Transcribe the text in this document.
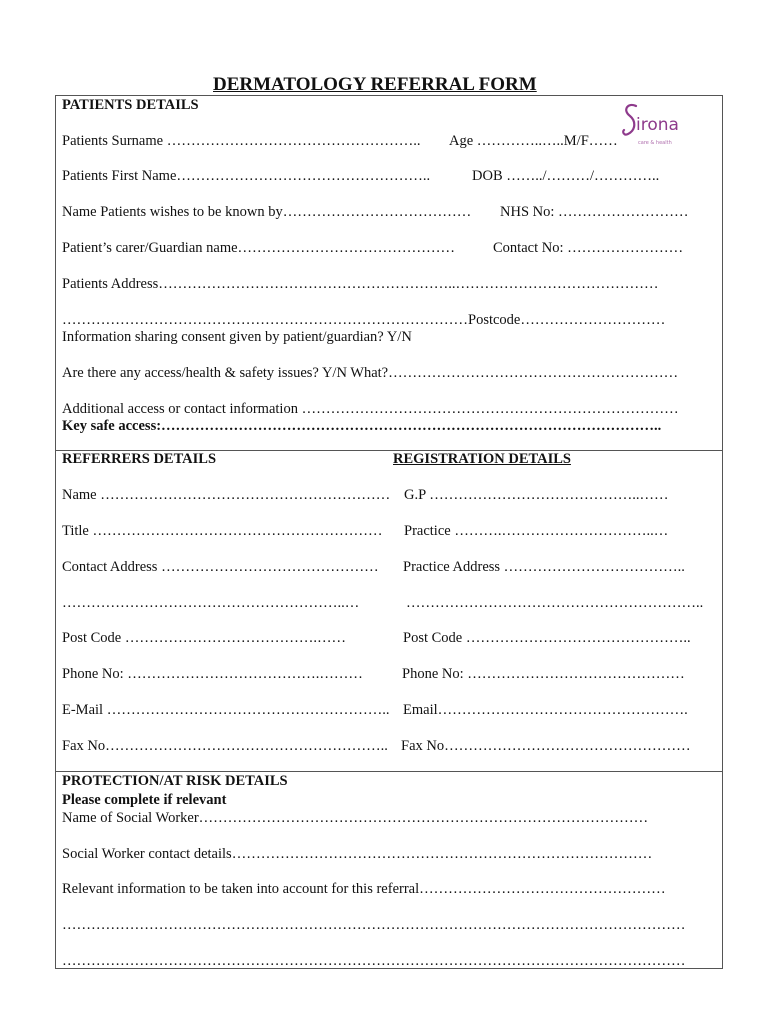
DERMATOLOGY REFERRAL FORM
irona
care & health
PATIENTS DETAILS
Patients Surname …………………………………………….. Age …………..…..M/F……
Patients First Name……………………………………………..	DOB ……../………/…………..
Name Patients wishes to be known by………………………………… NHS No: ………………………
Patient’s carer/Guardian name………………………………………	Contact No: ……………………
Patients Address……………………………………………………..……………………………………
…………………………………………………………………………Postcode…………………………
Information sharing consent given by patient/guardian? Y/N
Are there any access/health & safety issues? Y/N What?……………………………………………………
Additional access or contact information ……………………………………………………………………
Key safe access:…………………………………………………………………………………………..
REFERRERS DETAILS	REGISTRATION DETAILS
Name …………………………………………………… G.P ……………………………………..……
Title …………………………………………………… Practice ……….…………………………..…
Contact Address ……………………………………… Practice Address ………………………………..
…………………………………………………..…	……………………………………………………..
Post Code ………………………………….……	Post Code ………………………………………..
Phone No: ………………………………….………	Phone No: ………………………………………
E-Mail ………………………………………………….. Email…………………………………………….
Fax No………………………………………………….. Fax No……………………………………………
PROTECTION/AT RISK DETAILS
Please complete if relevant
Name of Social Worker…………………………………………………………………………………
Social Worker contact details……………………………………………………………………………
Relevant information to be taken into account for this referral……………………………………………
…………………………………………………………………………………………………………………
…………………………………………………………………………………………………………………
